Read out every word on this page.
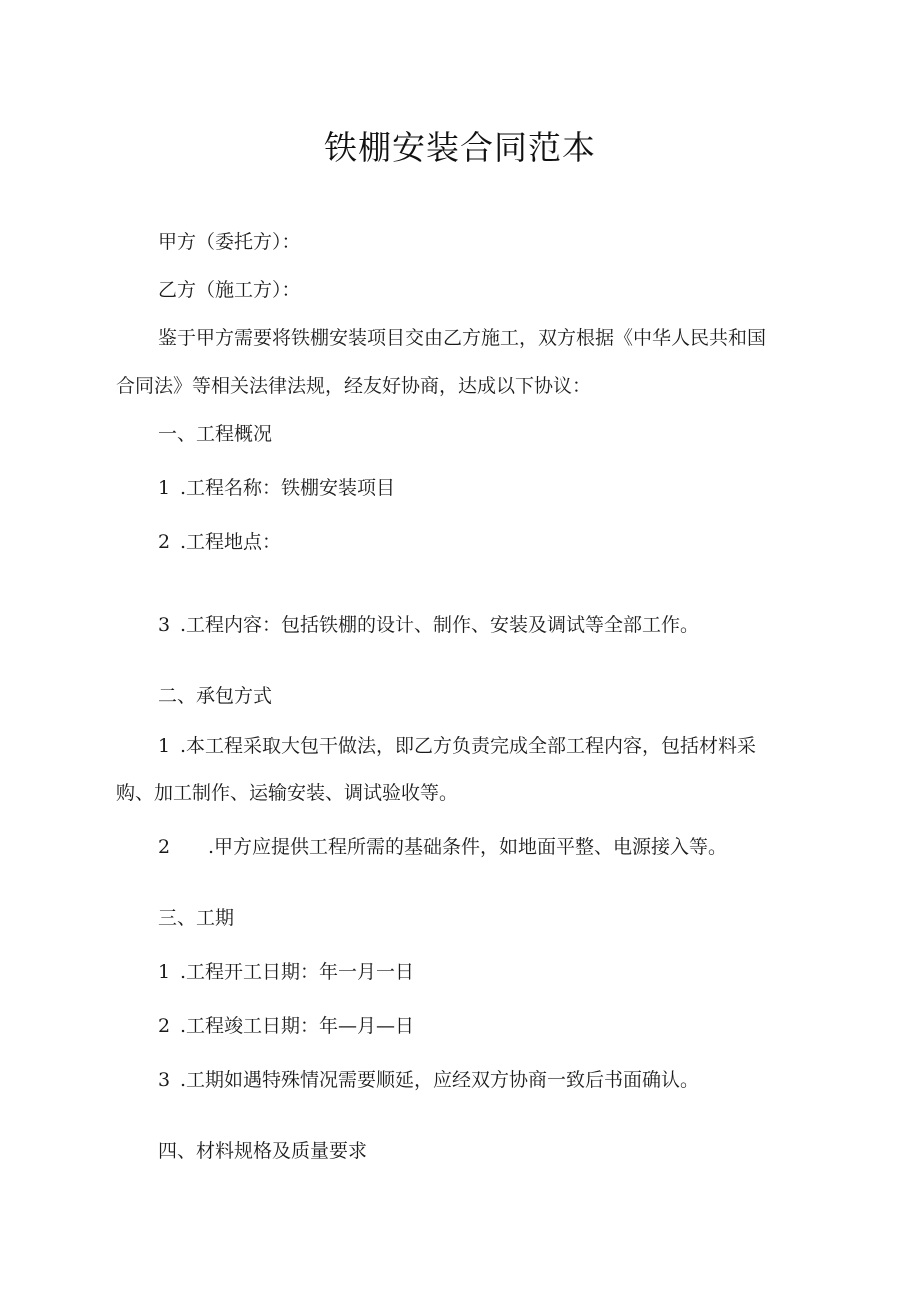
铁棚安装合同范本
甲方（委托方）：
乙方（施工方）：
鉴于甲方需要将铁棚安装项目交由乙方施工，双方根据《中华人民共和国
合同法》等相关法律法规，经友好协商，达成以下协议：
一、工程概况
1 .工程名称：铁棚安装项目
2 .工程地点：
3 .工程内容：包括铁棚的设计、制作、安装及调试等全部工作。
二、承包方式
1 .本工程采取大包干做法，即乙方负责完成全部工程内容，包括材料采
购、加工制作、运输安装、调试验收等。
2 .甲方应提供工程所需的基础条件，如地面平整、电源接入等。
三、工期
1 .工程开工日期：年一月一日
2 .工程竣工日期：年—月—日
3 .工期如遇特殊情况需要顺延，应经双方协商一致后书面确认。
四、材料规格及质量要求
